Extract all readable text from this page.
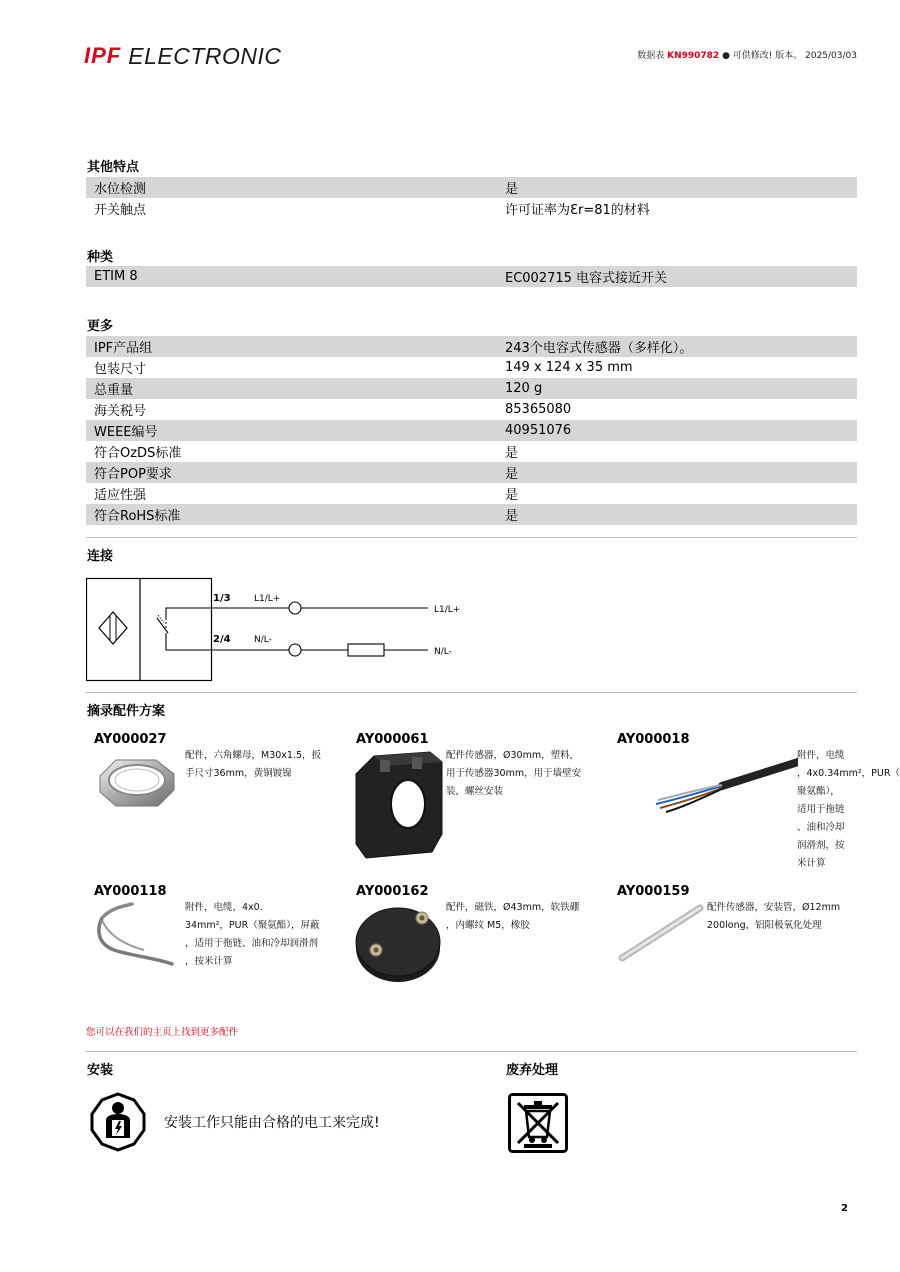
IPF ELECTRONIC	数据表 KN990782 ● 可供修改! 版本。 2025/03/03
其他特点
水位检测	是
开关触点	许可证率为Ɛr=81的材料
种类
ETIM 8	EC002715 电容式接近开关
更多
IPF产品组	243个电容式传感器（多样化）。
包装尺寸	149 x 124 x 35 mm
总重量	120 g
海关税号	85365080
WEEE编号	40951076
符合OzDS标准	是
符合POP要求	是
适应性强	是
符合RoHS标准	是
连接
1/3	L1/L+
L1/L+
2/4	N/L-
N/L-
摘录配件方案
AY000027
配件，六角螺母，M30x1.5，扳
手尺寸36mm，黄铜镀镍
AY000061
配件传感器，Ø30mm，塑料，
用于传感器30mm，用于墙壁安
装，螺丝安装
AY000018
附件，电缆
，4x0.34mm²，PUR（
聚氨酯），
适用于拖链
、油和冷却
润滑剂，按
米计算
AY000118
附件，电缆，4x0.
34mm²，PUR（聚氨酯），屏蔽
，适用于拖链、油和冷却润滑剂
，按米计算
AY000162
配件，磁铁，Ø43mm，软铁硼
，内螺纹 M5，橡胶
AY000159
配件传感器，安装管，Ø12mm
200long，铝阳极氧化处理
您可以在我们的主页上找到更多配件
安装
安装工作只能由合格的电工来完成!
废弃处理
2
